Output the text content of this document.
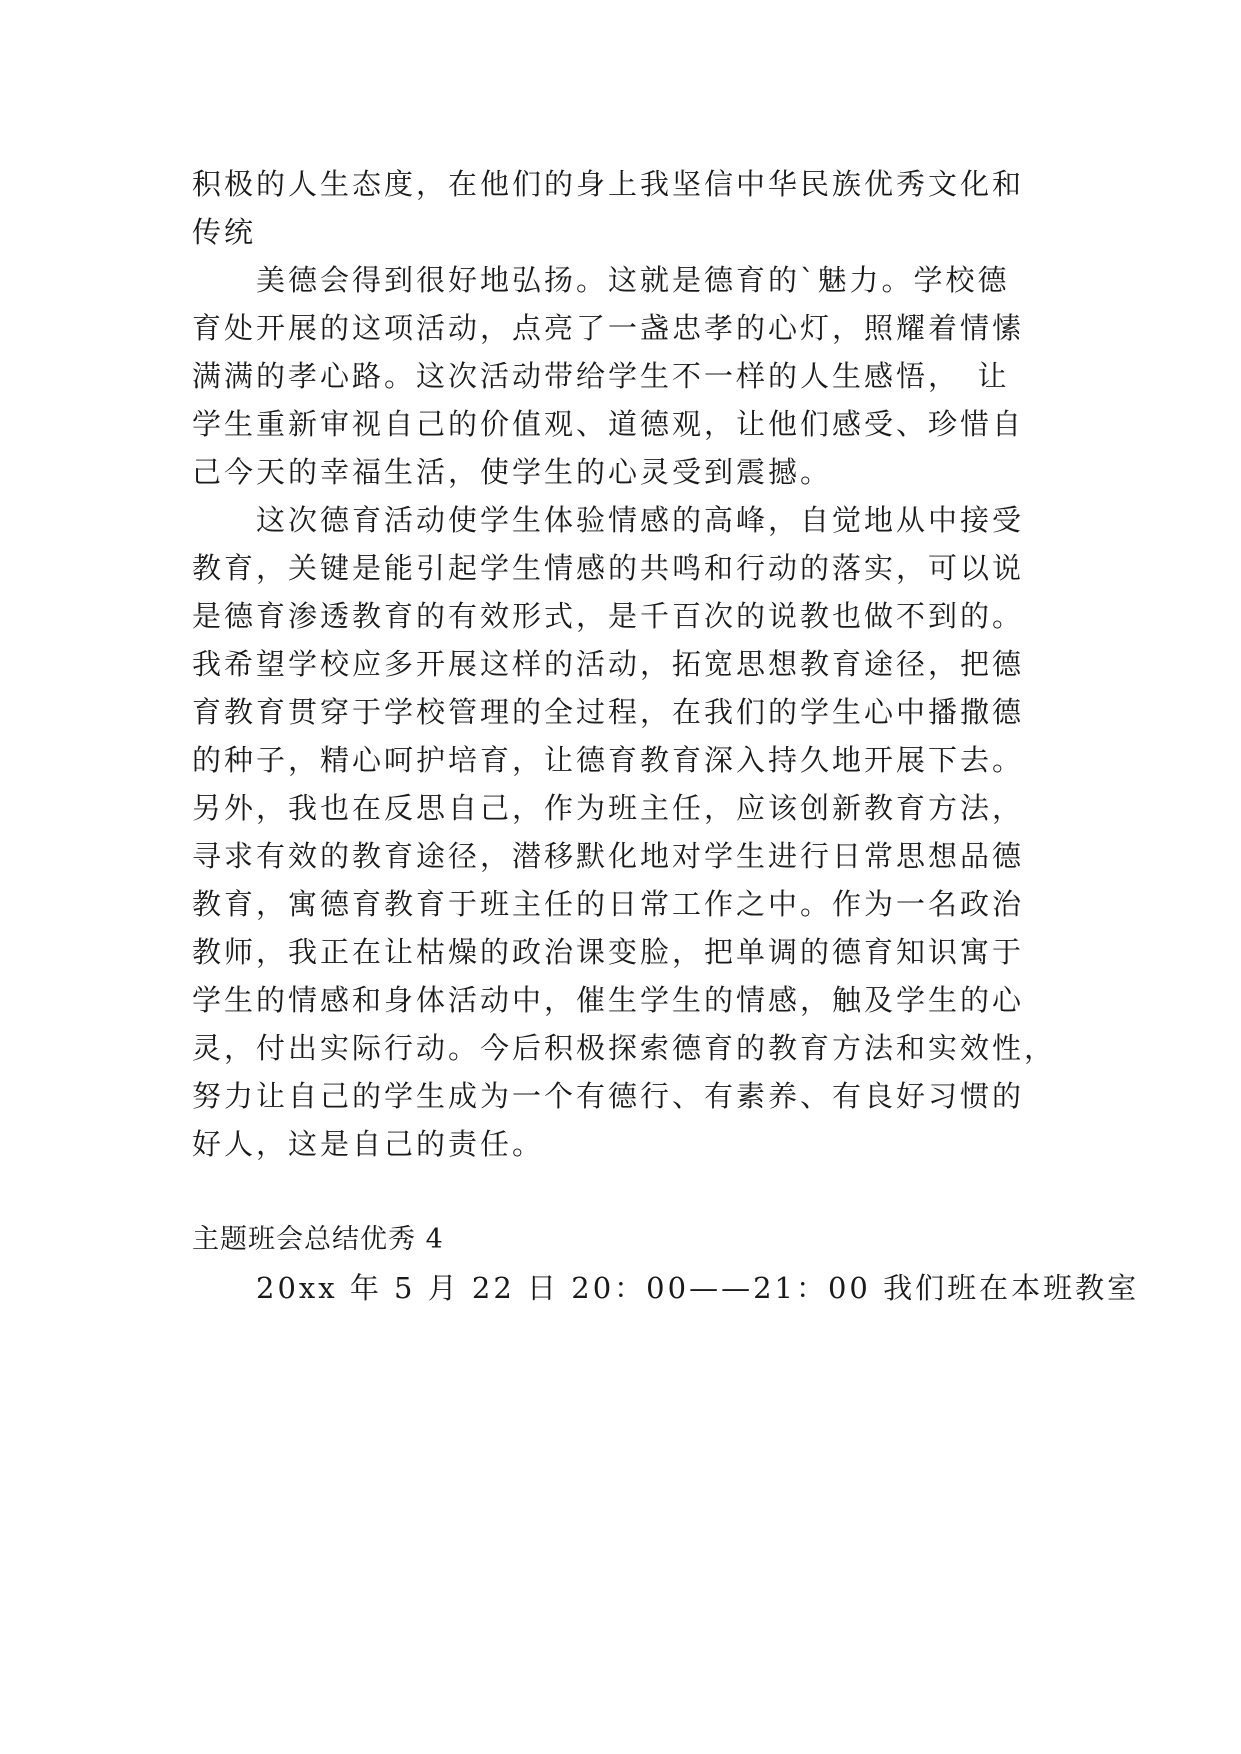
积极的人生态度，在他们的身上我坚信中华民族优秀文化和
传统
　　美德会得到很好地弘扬。这就是德育的`魅力。学校德
育处开展的这项活动，点亮了一盏忠孝的心灯，照耀着情愫
满满的孝心路。这次活动带给学生不一样的人生感悟，　让
学生重新审视自己的价值观、道德观，让他们感受、珍惜自
己今天的幸福生活，使学生的心灵受到震撼。
　　这次德育活动使学生体验情感的高峰，自觉地从中接受
教育，关键是能引起学生情感的共鸣和行动的落实，可以说
是德育渗透教育的有效形式，是千百次的说教也做不到的。
我希望学校应多开展这样的活动，拓宽思想教育途径，把德
育教育贯穿于学校管理的全过程，在我们的学生心中播撒德
的种子，精心呵护培育，让德育教育深入持久地开展下去。
另外，我也在反思自己，作为班主任，应该创新教育方法，
寻求有效的教育途径，潜移默化地对学生进行日常思想品德
教育，寓德育教育于班主任的日常工作之中。作为一名政治
教师，我正在让枯燥的政治课变脸，把单调的德育知识寓于
学生的情感和身体活动中，催生学生的情感，触及学生的心
灵，付出实际行动。今后积极探索德育的教育方法和实效性，
努力让自己的学生成为一个有德行、有素养、有良好习惯的
好人，这是自己的责任。
主题班会总结优秀 4
　　20xx 年 5 月 22 日 20：00——21：00 我们班在本班教室
